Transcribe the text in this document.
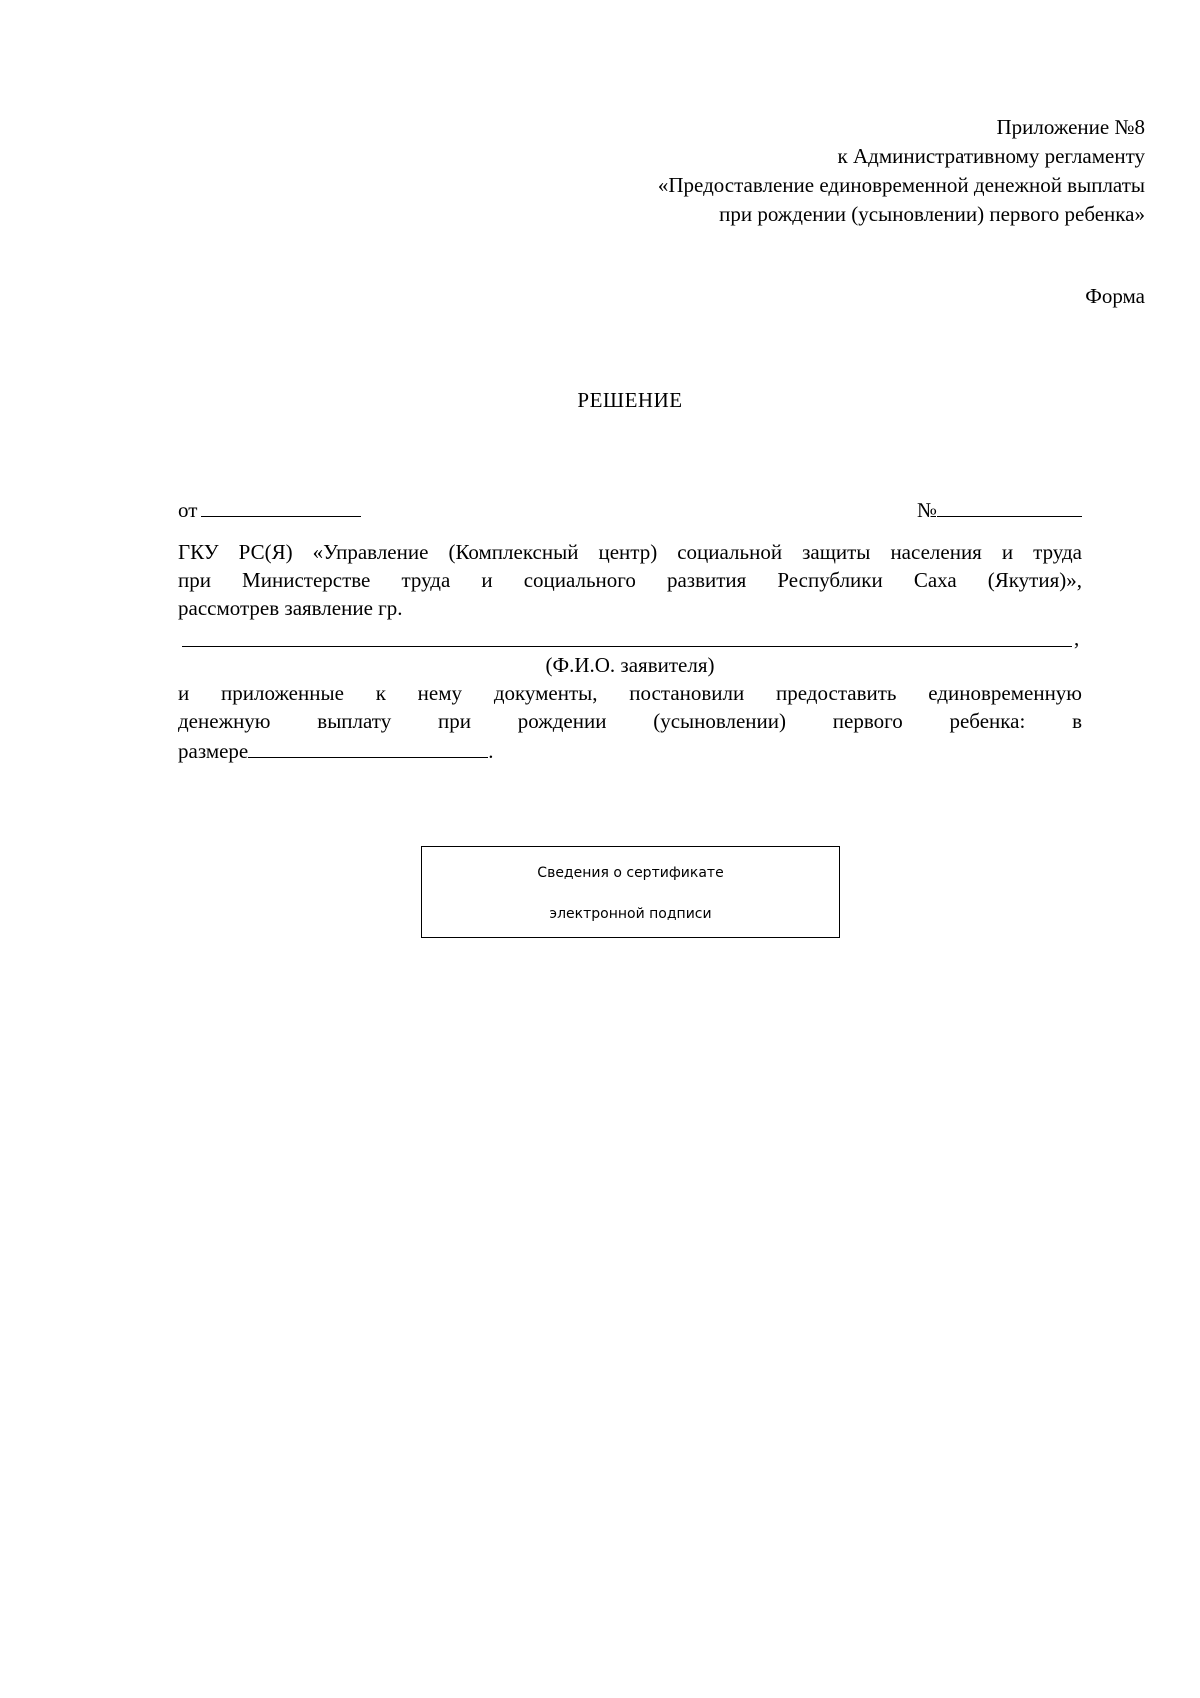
Приложение №8
к Административному регламенту
«Предоставление единовременной денежной выплаты
при рождении (усыновлении) первого ребенка»
Форма
РЕШЕНИЕ
от	№
ГКУ РС(Я) «Управление (Комплексный центр) социальной защиты населения и труда
при Министерстве труда и социального развития Республики Саха (Якутия)»,
рассмотрев заявление гр.
,
(Ф.И.О. заявителя)
и приложенные к нему документы, постановили предоставить единовременную
денежную выплату при рождении (усыновлении) первого ребенка: в
размере	.
Сведения о сертификате
электронной подписи
